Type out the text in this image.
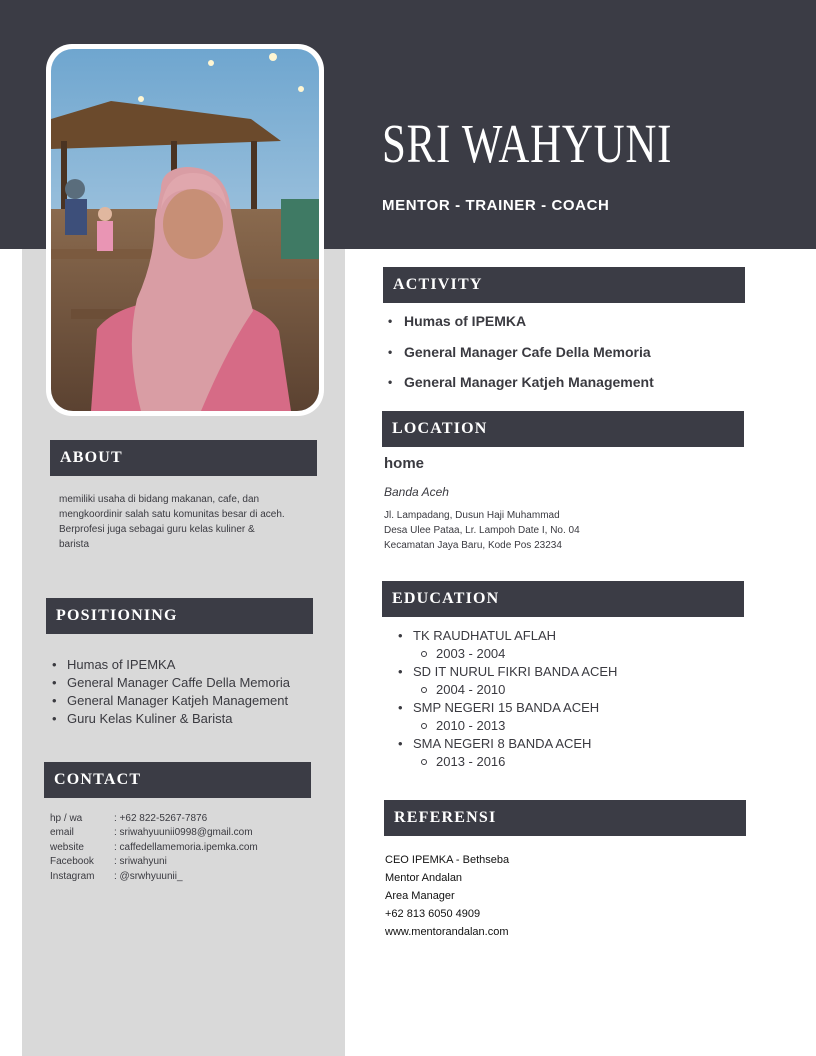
SRI WAHYUNI
MENTOR - TRAINER - COACH
ABOUT
memiliki usaha di bidang makanan, cafe, dan
mengkoordinir salah satu komunitas besar di aceh.
Berprofesi juga sebagai guru kelas kuliner &
barista
POSITIONING
• Humas of IPEMKA
• General Manager Caffe Della Memoria
• General Manager Katjeh Management
• Guru Kelas Kuliner & Barista
CONTACT
hp / wa	: +62 822-5267-7876
email	: sriwahyuunii0998@gmail.com
website	: caffedellamemoria.ipemka.com
Facebook	: sriwahyuni
Instagram	: @srwhyuunii_
ACTIVITY
• Humas of IPEMKA
• General Manager Cafe Della Memoria
• General Manager Katjeh Management
LOCATION
home
Banda Aceh
Jl. Lampadang, Dusun Haji Muhammad
Desa Ulee Pataa, Lr. Lampoh Date I, No. 04
Kecamatan Jaya Baru, Kode Pos 23234
EDUCATION
• TK RAUDHATUL AFLAH
2003 - 2004
• SD IT NURUL FIKRI BANDA ACEH
2004 - 2010
• SMP NEGERI 15 BANDA ACEH
2010 - 2013
• SMA NEGERI 8 BANDA ACEH
2013 - 2016
REFERENSI
CEO IPEMKA - Bethseba
Mentor Andalan
Area Manager
+62 813 6050 4909
www.mentorandalan.com
